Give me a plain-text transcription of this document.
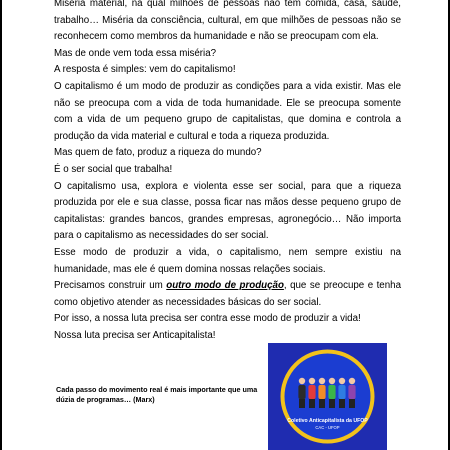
Miséria material, na qual milhões de pessoas não tem comida, casa, saúde, trabalho… Miséria da consciência, cultural, em que milhões de pessoas não se reconhecem como membros da humanidade e não se preocupam com ela.

Mas de onde vem toda essa miséria?

A resposta é simples: vem do capitalismo!

O capitalismo é um modo de produzir as condições para a vida existir. Mas ele não se preocupa com a vida de toda humanidade. Ele se preocupa somente com a vida de um pequeno grupo de capitalistas, que domina e controla a produção da vida material e cultural e toda a riqueza produzida.

Mas quem de fato, produz a riqueza do mundo?

É o ser social que trabalha!

O capitalismo usa, explora e violenta esse ser social, para que a riqueza produzida por ele e sua classe, possa ficar nas mãos desse pequeno grupo de capitalistas: grandes bancos, grandes empresas, agronegócio… Não importa para o capitalismo as necessidades do ser social.

Esse modo de produzir a vida, o capitalismo, nem sempre existiu na humanidade, mas ele é quem domina nossas relações sociais.

Precisamos construir um outro modo de produção, que se preocupe e tenha como objetivo atender as necessidades básicas do ser social.

Por isso, a nossa luta precisa ser contra esse modo de produzir a vida!

Nossa luta precisa ser Anticapitalista!

Cada passo do movimento real é mais importante que uma dúzia de programas… (Marx)
Coletivo Anticapitalista da UFOP
CAC - UFOP
